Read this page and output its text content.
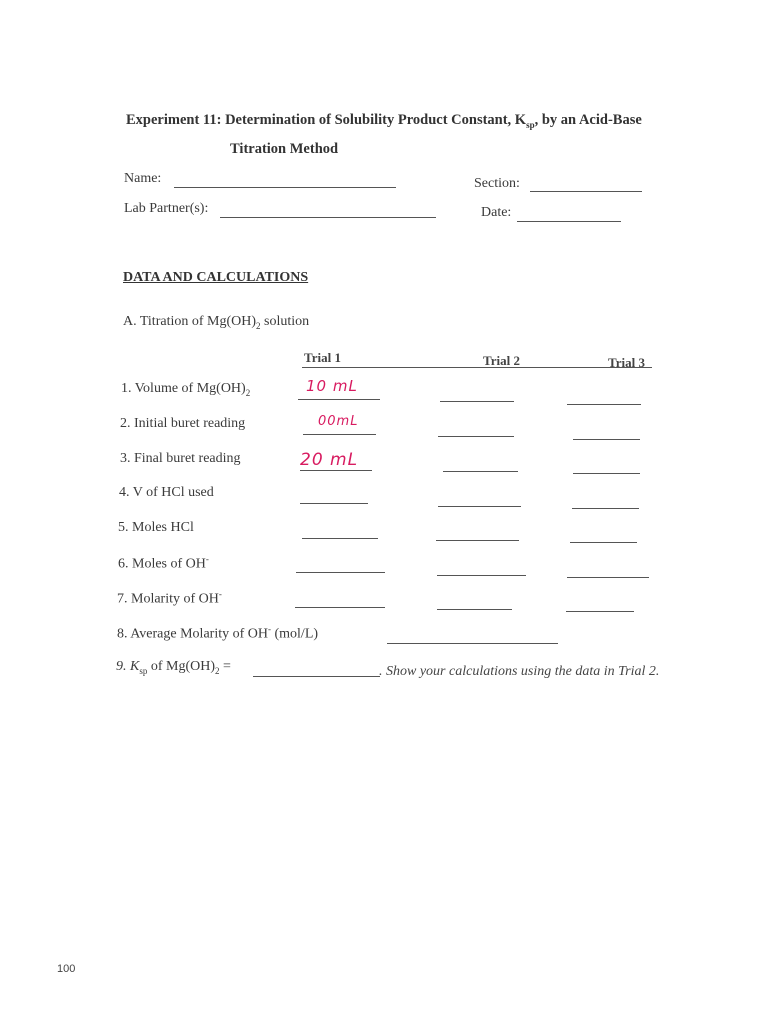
Experiment 11: Determination of Solubility Product Constant, $K_{sp}$, by an Acid-Base
Titration Method
Name:	Section:
Lab Partner(s):	Date:
DATA AND CALCULATIONS
A. Titration of $Mg(OH)_2$ solution
Trial 1	Trial 2	Trial 3
1. Volume of $Mg(OH)_2$	10 mL
2. Initial buret reading	00mL
3. Final buret reading	20 mL
4. V of HCl used
5. Moles HCl
6. Moles of OH-
7. Molarity of OH-
8. Average Molarity of OH- (mol/L)
9. $K_{sp}$ of $Mg(OH)_2$ =	. Show your calculations using the data in Trial 2.
100
